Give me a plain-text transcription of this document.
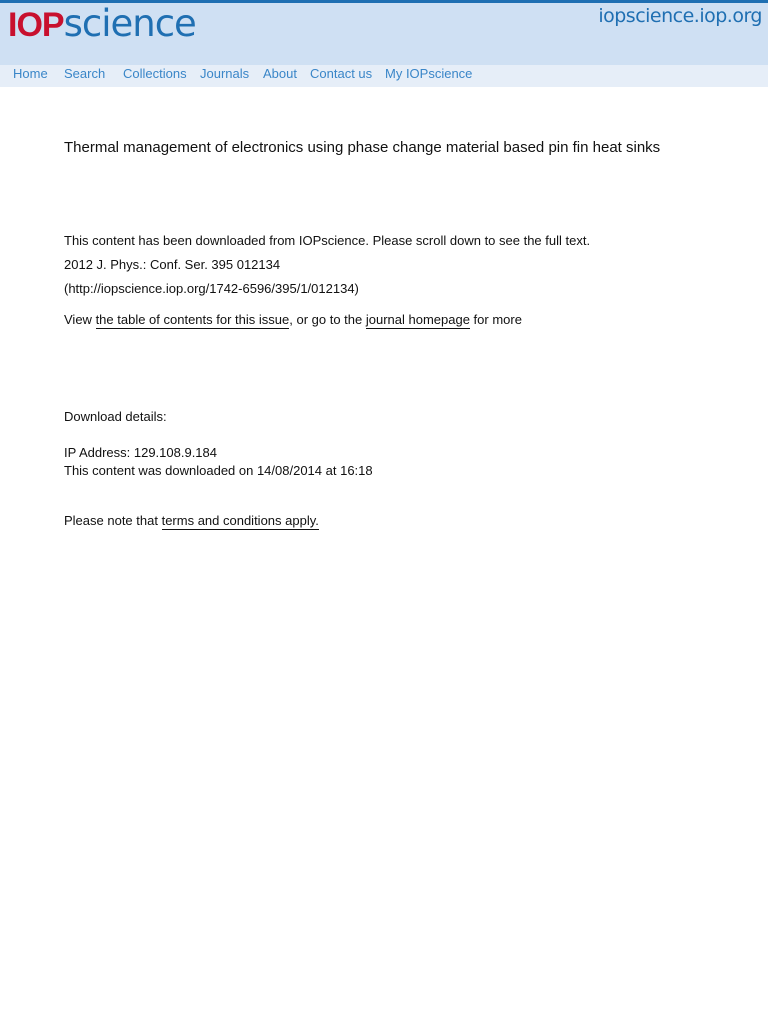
IOPscience	iopscience.iop.org
Home Search Collections Journals About Contact us My IOPscience
Thermal management of electronics using phase change material based pin fin heat sinks
This content has been downloaded from IOPscience. Please scroll down to see the full text.
2012 J. Phys.: Conf. Ser. 395 012134
(http://iopscience.iop.org/1742-6596/395/1/012134)
View the table of contents for this issue, or go to the journal homepage for more
Download details:
IP Address: 129.108.9.184
This content was downloaded on 14/08/2014 at 16:18
Please note that terms and conditions apply.
